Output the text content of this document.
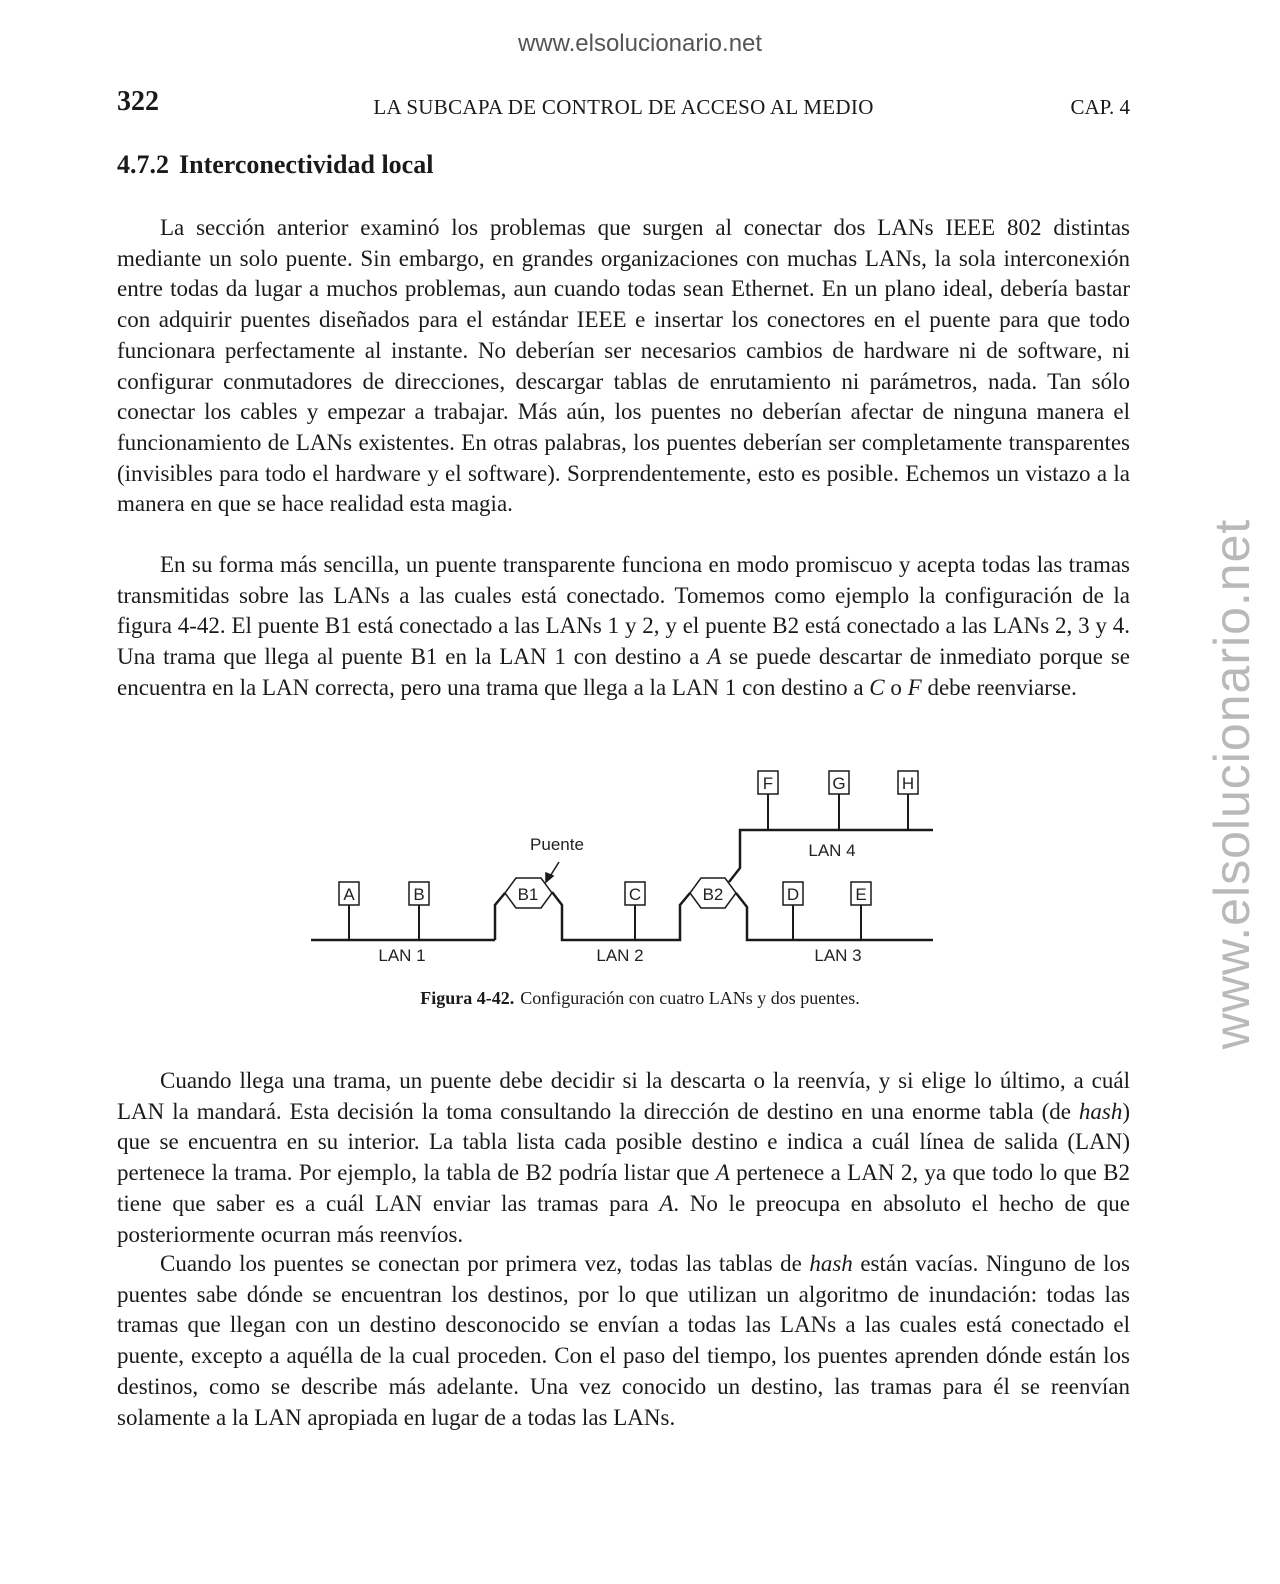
www.elsolucionario.net
www.elsolucionario.net
322	LA SUBCAPA DE CONTROL DE ACCESO AL MEDIO	CAP. 4
4.7.2 Interconectividad local

La sección anterior examinó los problemas que surgen al conectar dos LANs IEEE 802 distintas mediante un solo puente. Sin embargo, en grandes organizaciones con muchas LANs, la sola interconexión entre todas da lugar a muchos problemas, aun cuando todas sean Ethernet. En un plano ideal, debería bastar con adquirir puentes diseñados para el estándar IEEE e insertar los conectores en el puente para que todo funcionara perfectamente al instante. No deberían ser necesarios cambios de hardware ni de software, ni configurar conmutadores de direcciones, descargar tablas de enrutamiento ni parámetros, nada. Tan sólo conectar los cables y empezar a trabajar. Más aún, los puentes no deberían afectar de ninguna manera el funcionamiento de LANs existentes. En otras palabras, los puentes deberían ser completamente transparentes (invisibles para todo el hardware y el software). Sorprendentemente, esto es posible. Echemos un vistazo a la manera en que se hace realidad esta magia.

En su forma más sencilla, un puente transparente funciona en modo promiscuo y acepta todas las tramas transmitidas sobre las LANs a las cuales está conectado. Tomemos como ejemplo la configuración de la figura 4-42. El puente B1 está conectado a las LANs 1 y 2, y el puente B2 está conectado a las LANs 2, 3 y 4. Una trama que llega al puente B1 en la LAN 1 con destino a A se puede descartar de inmediato porque se encuentra en la LAN correcta, pero una trama que llega a la LAN 1 con destino a C o F debe reenviarse.

A	B	C	D	E
F	G	H
B1	B2
LAN 1	LAN 2	LAN 3
LAN 4
Puente
Figura 4-42. Configuración con cuatro LANs y dos puentes.

Cuando llega una trama, un puente debe decidir si la descarta o la reenvía, y si elige lo último, a cuál LAN la mandará. Esta decisión la toma consultando la dirección de destino en una enorme tabla (de hash) que se encuentra en su interior. La tabla lista cada posible destino e indica a cuál línea de salida (LAN) pertenece la trama. Por ejemplo, la tabla de B2 podría listar que A pertenece a LAN 2, ya que todo lo que B2 tiene que saber es a cuál LAN enviar las tramas para A. No le preocupa en absoluto el hecho de que posteriormente ocurran más reenvíos.

Cuando los puentes se conectan por primera vez, todas las tablas de hash están vacías. Ninguno de los puentes sabe dónde se encuentran los destinos, por lo que utilizan un algoritmo de inundación: todas las tramas que llegan con un destino desconocido se envían a todas las LANs a las cuales está conectado el puente, excepto a aquélla de la cual proceden. Con el paso del tiempo, los puentes aprenden dónde están los destinos, como se describe más adelante. Una vez conocido un destino, las tramas para él se reenvían solamente a la LAN apropiada en lugar de a todas las LANs.
